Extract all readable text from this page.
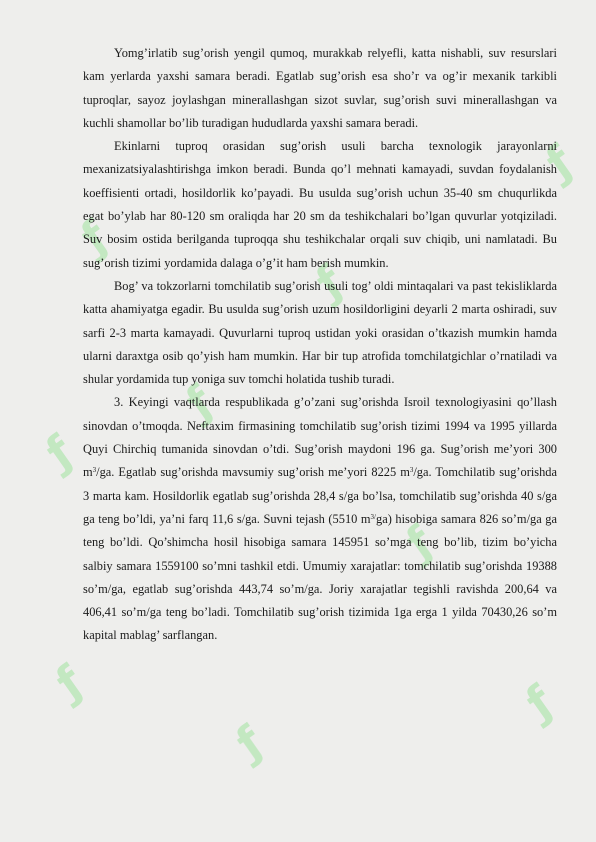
ƒ
ƒ
ƒ
ƒ
ƒ
ƒ
ƒ
ƒ
ƒ

Yomg’irlatib sug’orish yengil qumoq, murakkab relyefli, katta nishabli, suv resurslari kam yerlarda yaxshi samara beradi. Egatlab sug’orish esa sho’r va og’ir mexanik tarkibli tuproqlar, sayoz joylashgan minerallashgan sizot suvlar, sug’orish suvi minerallashgan va kuchli shamollar bo’lib turadigan hududlarda yaxshi samara beradi.

Ekinlarni tuproq orasidan sug’orish usuli barcha texnologik jarayonlarni mexanizatsiyalashtirishga imkon beradi. Bunda qo’l mehnati kamayadi, suvdan foydalanish koeffisienti ortadi, hosildorlik ko’payadi. Bu usulda sug’orish uchun 35-40 sm chuqurlikda egat bo’ylab har 80-120 sm oraliqda har 20 sm da teshikchalari bo’lgan quvurlar yotqiziladi. Suv bosim ostida berilganda tuproqqa shu teshikchalar orqali suv chiqib, uni namlatadi. Bu sug’orish tizimi yordamida dalaga o’g’it ham berish mumkin.

Bog’ va tokzorlarni tomchilatib sug’orish usuli tog’ oldi mintaqalari va past tekisliklarda katta ahamiyatga egadir. Bu usulda sug’orish uzum hosildorligini deyarli 2 marta oshiradi, suv sarfi 2-3 marta kamayadi. Quvurlarni tuproq ustidan yoki orasidan o’tkazish mumkin hamda ularni daraxtga osib qo’yish ham mumkin. Har bir tup atrofida tomchilatgichlar o’rnatiladi va shular yordamida tup yoniga suv tomchi holatida tushib turadi.

3. Keyingi vaqtlarda respublikada g’o’zani sug’orishda Isroil texnologiyasini qo’llash sinovdan o’tmoqda. Neftaxim firmasining tomchilatib sug’orish tizimi 1994 va 1995 yillarda Quyi Chirchiq tumanida sinovdan o’tdi. Sug’orish maydoni 196 ga. Sug’orish me’yori 300 $m^3/ga$. Egatlab sug’orishda mavsumiy sug’orish me’yori 8225 $m^3/ga$. Tomchilatib sug’orishda 3 marta kam. Hosildorlik egatlab sug’orishda 28,4 s/ga bo’lsa, tomchilatib sug’orishda 40 s/ga ga teng bo’ldi, ya’ni farq 11,6 s/ga. Suvni tejash (5510 $m^{3/}ga$) hisobiga samara 826 so’m/ga ga teng bo’ldi. Qo’shimcha hosil hisobiga samara 145951 so’mga teng bo’lib, tizim bo’yicha salbiy samara 1559100 so’mni tashkil etdi. Umumiy xarajatlar: tomchilatib sug’orishda 19388 so’m/ga, egatlab sug’orishda 443,74 so’m/ga. Joriy xarajatlar tegishli ravishda 200,64 va 406,41 so’m/ga teng bo’ladi. Tomchilatib sug’orish tizimida 1ga erga 1 yilda 70430,26 so’m kapital mablag’ sarflangan.
